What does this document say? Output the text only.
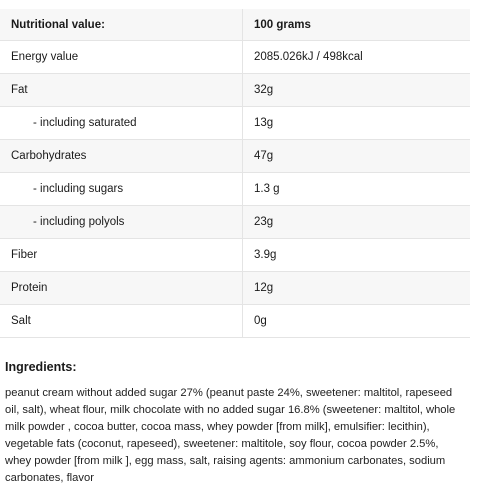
Nutritional value:	100 grams
Energy value	2085.026kJ / 498kcal
Fat	32g
- including saturated	13g
Carbohydrates	47g
- including sugars	1.3 g
- including polyols	23g
Fiber	3.9g
Protein	12g
Salt	0g
Ingredients:
peanut cream without added sugar 27% (peanut paste 24%, sweetener: maltitol, rapeseed oil, salt), wheat flour, milk chocolate with no added sugar 16.8% (sweetener: maltitol, whole milk powder , cocoa butter, cocoa mass, whey powder [from milk], emulsifier: lecithin), vegetable fats (coconut, rapeseed), sweetener: maltitole, soy flour, cocoa powder 2.5%, whey powder [from milk ], egg mass, salt, raising agents: ammonium carbonates, sodium carbonates, flavor
